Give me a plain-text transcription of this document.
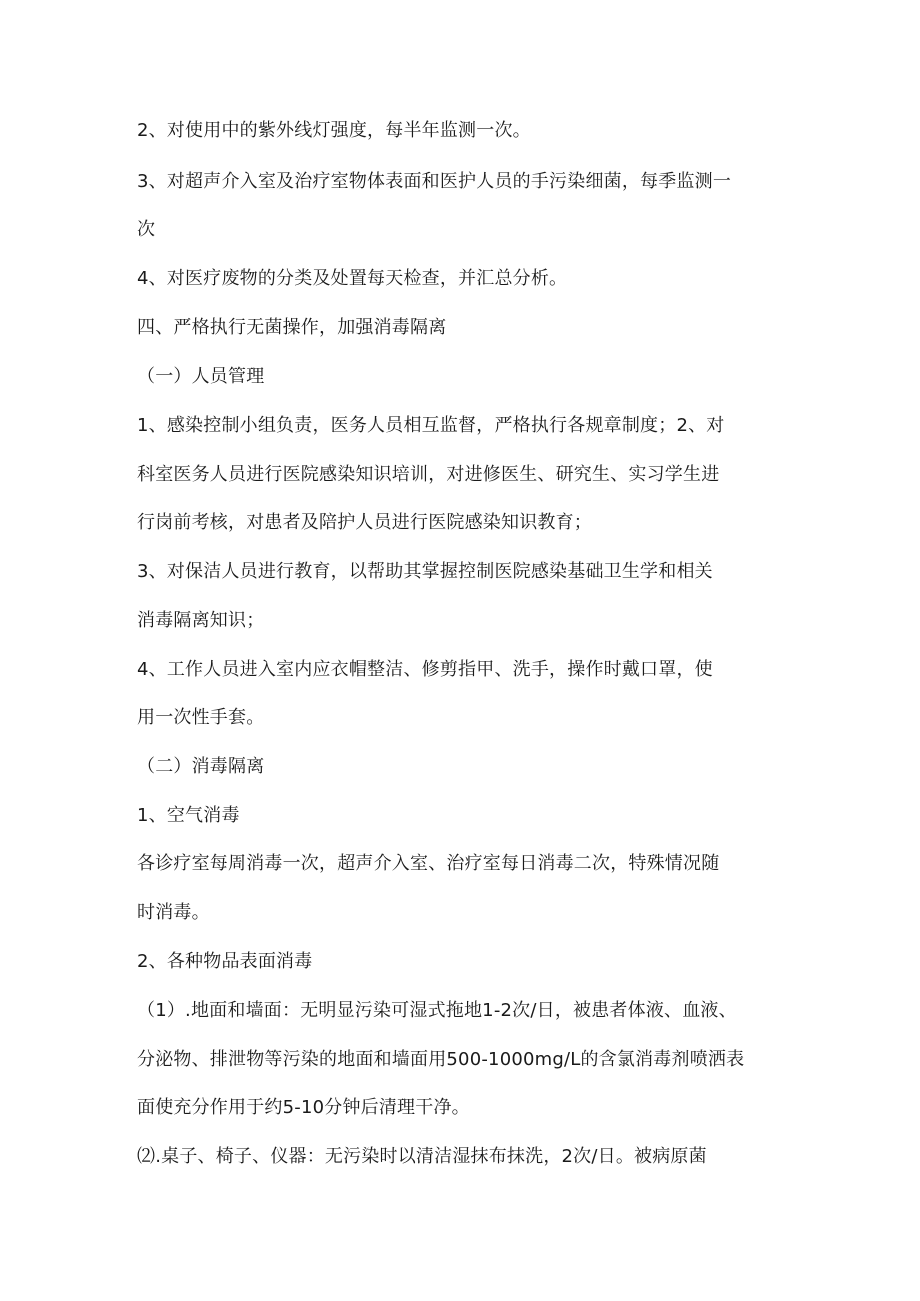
2、对使用中的紫外线灯强度，每半年监测一次。

3、对超声介入室及治疗室物体表面和医护人员的手污染细菌，每季监测一

次

4、对医疗废物的分类及处置每天检查，并汇总分析。

四、严格执行无菌操作，加强消毒隔离

（一）人员管理

1、感染控制小组负责，医务人员相互监督，严格执行各规章制度；2、对

科室医务人员进行医院感染知识培训，对进修医生、研究生、实习学生进

行岗前考核，对患者及陪护人员进行医院感染知识教育；

3、对保洁人员进行教育，以帮助其掌握控制医院感染基础卫生学和相关

消毒隔离知识；

4、工作人员进入室内应衣帽整洁、修剪指甲、洗手，操作时戴口罩，使

用一次性手套。

（二）消毒隔离

1、空气消毒

各诊疗室每周消毒一次，超声介入室、治疗室每日消毒二次，特殊情况随

时消毒。

2、各种物品表面消毒

（1）.地面和墙面：无明显污染可湿式拖地1-2次/日，被患者体液、血液、

分泌物、排泄物等污染的地面和墙面用500-1000mg/L的含氯消毒剂喷洒表

面使充分作用于约5-10分钟后清理干净。

⑵.桌子、椅子、仪器：无污染时以清洁湿抹布抹洗，2次/日。被病原菌
